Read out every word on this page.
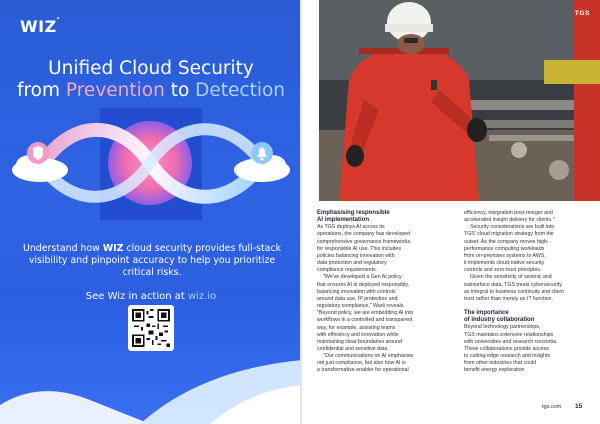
WIZ*
Unified Cloud Security
from Prevention to Detection
Understand how WIZ cloud security provides full-stack visibility and pinpoint accuracy to help you prioritize critical risks.
See Wiz in action at wiz.io
TGS
Emphasising responsible
AI implementation

As TGS deploys AI across its
operations, the company has developed
comprehensive governance frameworks
for responsible AI use. This includes
policies balancing innovation with
data protection and regulatory
compliance requirements.

"We've developed a Gen AI policy
that ensures AI is deployed responsibly,
balancing innovation with controls
around data use, IP protection and
regulatory compliance," Wadi reveals.
"Beyond policy, we are embedding AI into
workflows in a controlled and transparent
way, for example, assisting teams
with efficiency and innovation while
maintaining clear boundaries around
confidential and sensitive data.

"Our communications on AI emphasise
not just compliance, but also how AI is
a transformative enabler for operational

efficiency, integration post-merger and
accelerated insight delivery for clients."

Security considerations are built into
TGS' cloud migration strategy from the
outset. As the company moves high-
performance computing workloads
from on-premises systems to AWS,
it implements cloud-native security
controls and zero-trust principles.

Given the sensitivity of seismic and
subsurface data, TGS treats cybersecurity
as integral to business continuity and client
trust rather than merely an IT function.

The importance
of industry collaboration

Beyond technology partnerships,
TGS maintains extensive relationships
with universities and research consortia.
These collaborations provide access
to cutting-edge research and insights
from other industries that could
benefit energy exploration

tgs.com 15
